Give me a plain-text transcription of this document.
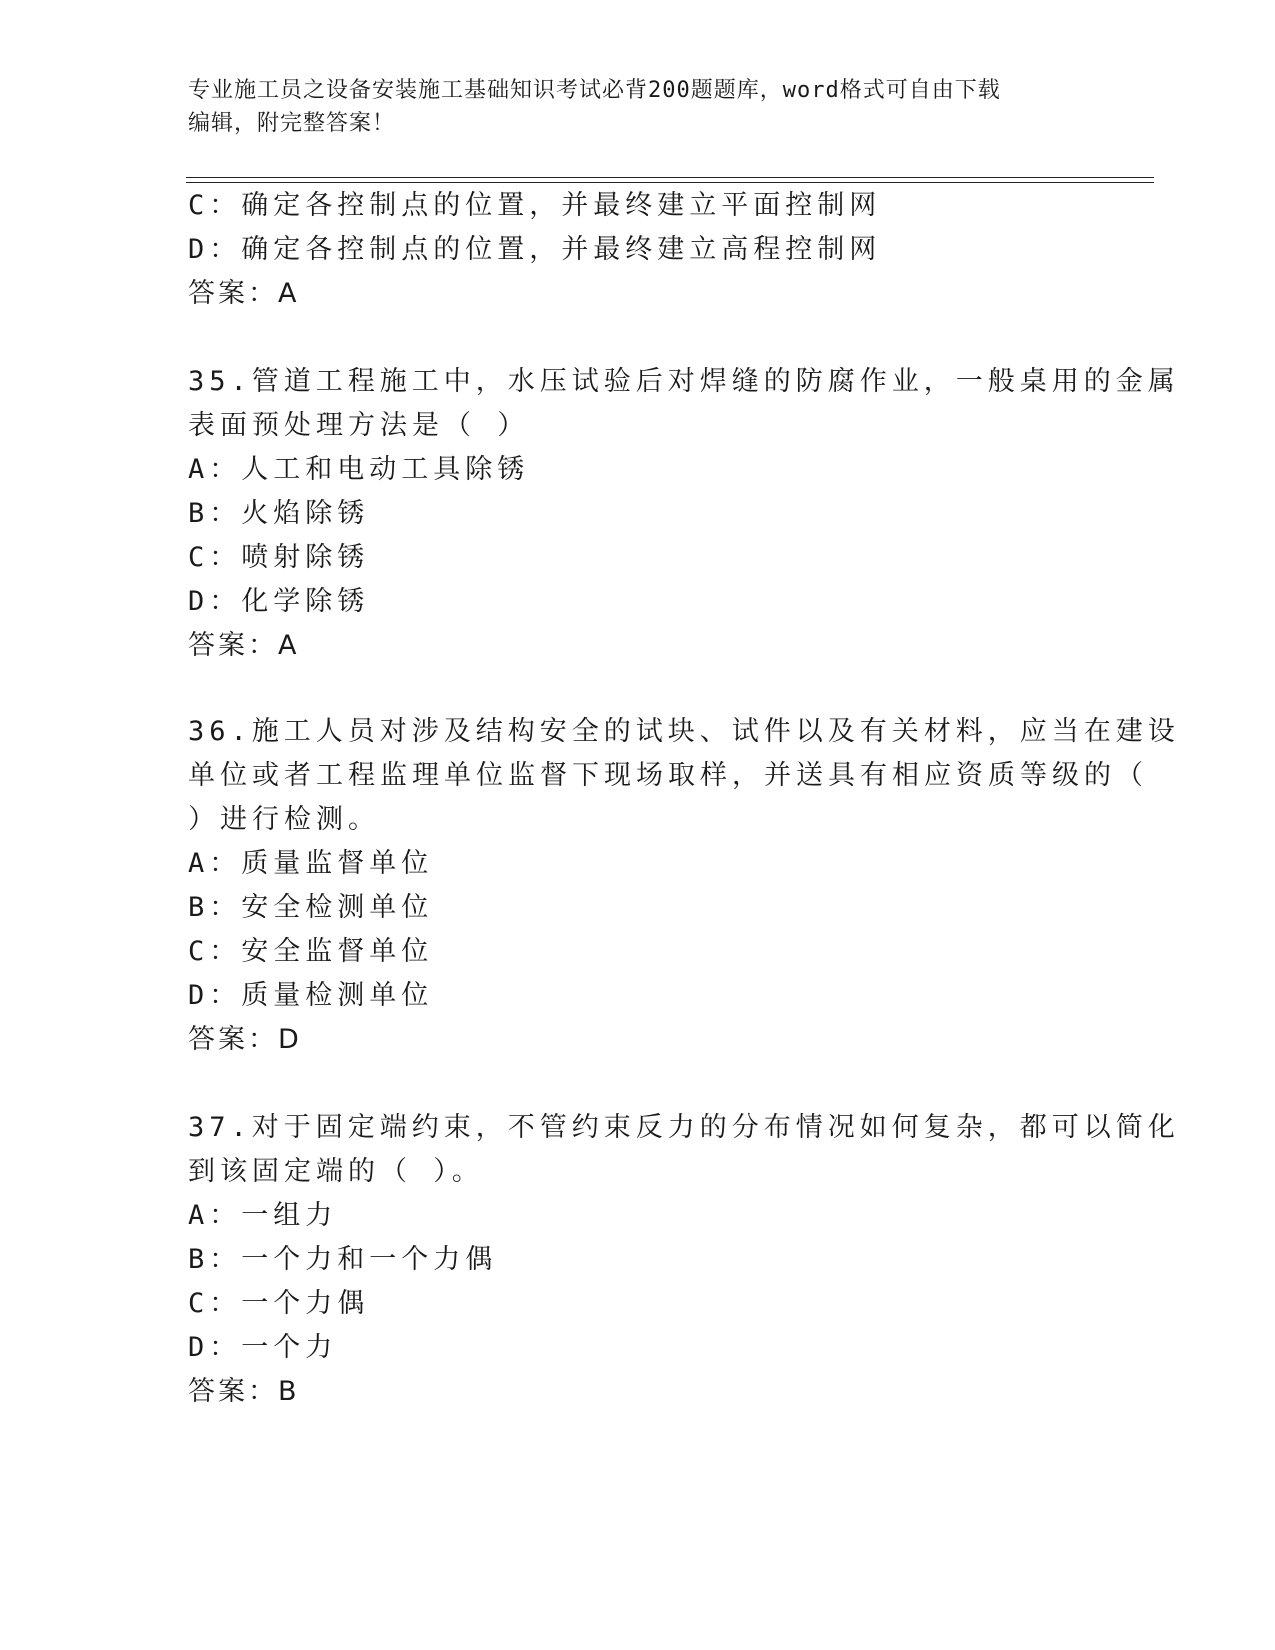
专业施工员之设备安装施工基础知识考试必背200题题库，word格式可自由下载
编辑，附完整答案！
C：确定各控制点的位置，并最终建立平面控制网
D：确定各控制点的位置，并最终建立高程控制网
答案：A
35.管道工程施工中，水压试验后对焊缝的防腐作业，一般桌用的金属
表面预处理方法是（ ）
A：人工和电动工具除锈
B：火焰除锈
C：喷射除锈
D：化学除锈
答案：A
36.施工人员对涉及结构安全的试块、试件以及有关材料，应当在建设
单位或者工程监理单位监督下现场取样，并送具有相应资质等级的（
）进行检测。
A：质量监督单位
B：安全检测单位
C：安全监督单位
D：质量检测单位
答案：D
37.对于固定端约束，不管约束反力的分布情况如何复杂，都可以简化
到该固定端的（ ）。
A：一组力
B：一个力和一个力偶
C：一个力偶
D：一个力
答案：B
